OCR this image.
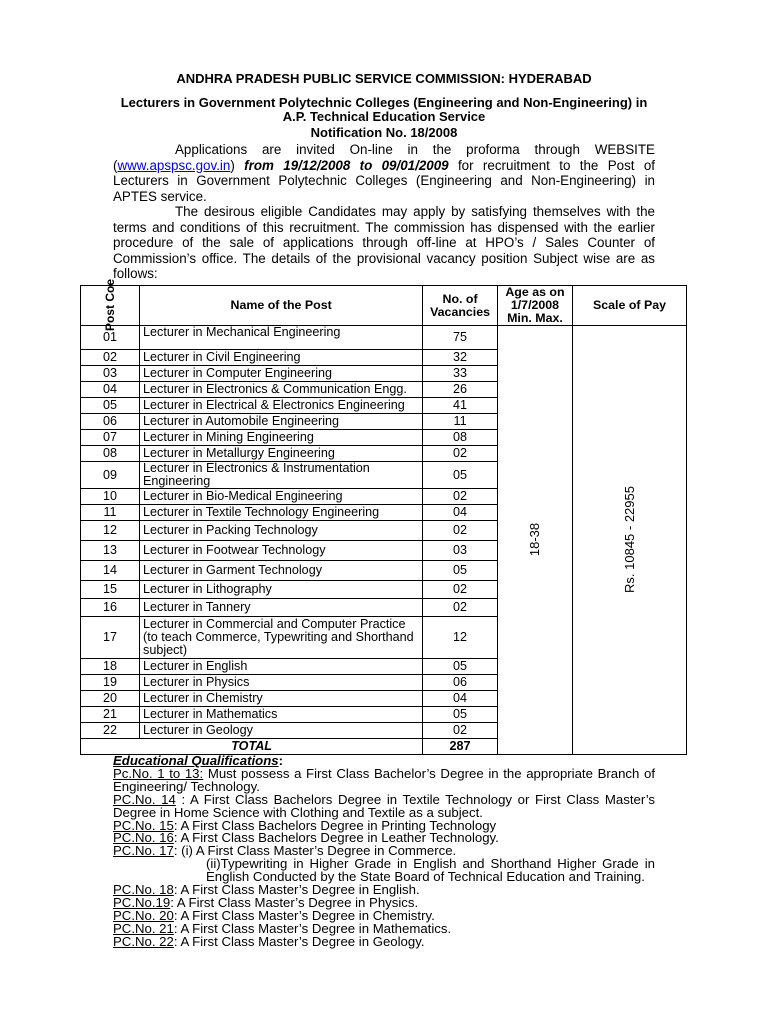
ANDHRA PRADESH PUBLIC SERVICE COMMISSION: HYDERABAD
Lecturers in Government Polytechnic Colleges (Engineering and Non-Engineering) in A.P. Technical Education Service
Notification No. 18/2008
Applications are invited On-line in the proforma through WEBSITE (www.apspsc.gov.in) from 19/12/2008 to 09/01/2009 for recruitment to the Post of Lecturers in Government Polytechnic Colleges (Engineering and Non-Engineering) in APTES service.
The desirous eligible Candidates may apply by satisfying themselves with the terms and conditions of this recruitment. The commission has dispensed with the earlier procedure of the sale of applications through off-line at HPO’s / Sales Counter of Commission’s office. The details of the provisional vacancy position Subject wise are as follows:
Post Coe	Name of the Post	No. of Vacancies	Age as on 1/7/2008 Min. Max.	Scale of Pay
01	Lecturer in Mechanical Engineering	75	18-38	Rs. 10845 - 22955
02	Lecturer in Civil Engineering	32		
03	Lecturer in Computer Engineering	33		
04	Lecturer in Electronics & Communication Engg.	26		
05	Lecturer in Electrical & Electronics Engineering	41		
06	Lecturer in Automobile Engineering	11		
07	Lecturer in Mining Engineering	08		
08	Lecturer in Metallurgy Engineering	02		
09	Lecturer in Electronics & Instrumentation Engineering	05		
10	Lecturer in Bio-Medical Engineering	02		
11	Lecturer in Textile Technology Engineering	04		
12	Lecturer in Packing Technology	02		
13	Lecturer in Footwear Technology	03		
14	Lecturer in Garment Technology	05		
15	Lecturer in Lithography	02		
16	Lecturer in Tannery	02		
17	Lecturer in Commercial and Computer Practice (to teach Commerce, Typewriting and Shorthand subject)	12		
18	Lecturer in English	05		
19	Lecturer in Physics	06		
20	Lecturer in Chemistry	04		
21	Lecturer in Mathematics	05		
22	Lecturer in Geology	02		
TOTAL		287		

Educational Qualifications:

Pc.No. 1 to 13: Must possess a First Class Bachelor’s Degree in the appropriate Branch of Engineering/ Technology.

PC.No. 14 : A First Class Bachelors Degree in Textile Technology or First Class Master’s Degree in Home Science with Clothing and Textile as a subject.

PC.No. 15: A First Class Bachelors Degree in Printing Technology

PC.No. 16: A First Class Bachelors Degree in Leather Technology.

PC.No. 17: (i) A First Class Master’s Degree in Commerce.

(ii)Typewriting in Higher Grade in English and Shorthand Higher Grade in English Conducted by the State Board of Technical Education and Training.

PC.No. 18: A First Class Master’s Degree in English.

PC.No.19: A First Class Master’s Degree in Physics.

PC.No. 20: A First Class Master’s Degree in Chemistry.

PC.No. 21: A First Class Master’s Degree in Mathematics.

PC.No. 22: A First Class Master’s Degree in Geology.
